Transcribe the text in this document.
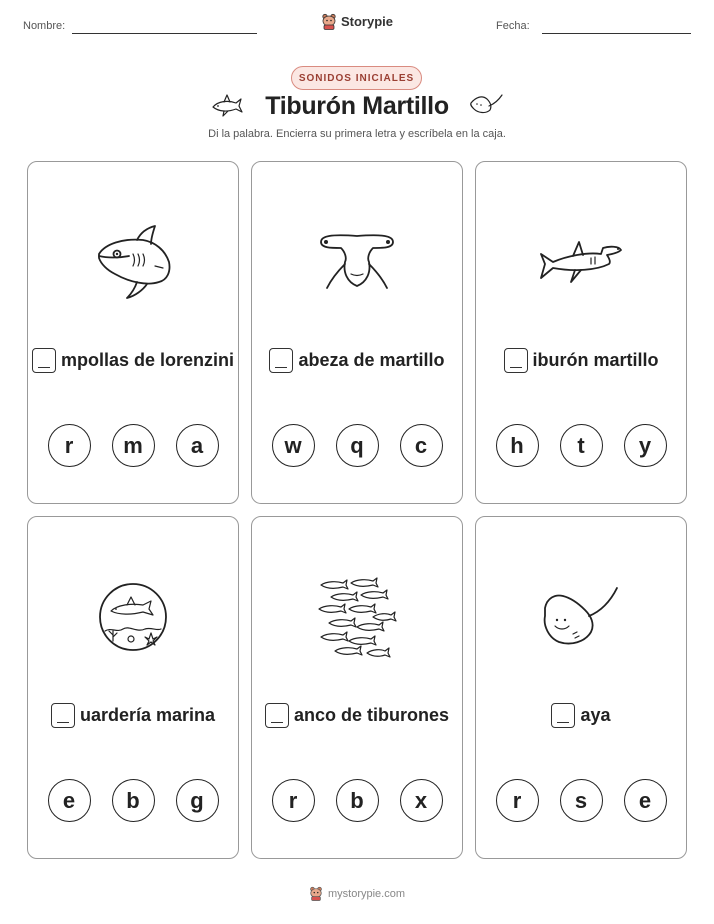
Nombre:	Storypie	Fecha:
SONIDOS INICIALES
Tiburón Martillo
Di la palabra. Encierra su primera letra y escríbela en la caja.
mpollas de lorenzini
r	m	a
abeza de martillo
w	q	c
iburón martillo
h	t	y
uardería marina
e	b	g
anco de tiburones
r	b	x
aya
r	s	e
mystorypie.com
